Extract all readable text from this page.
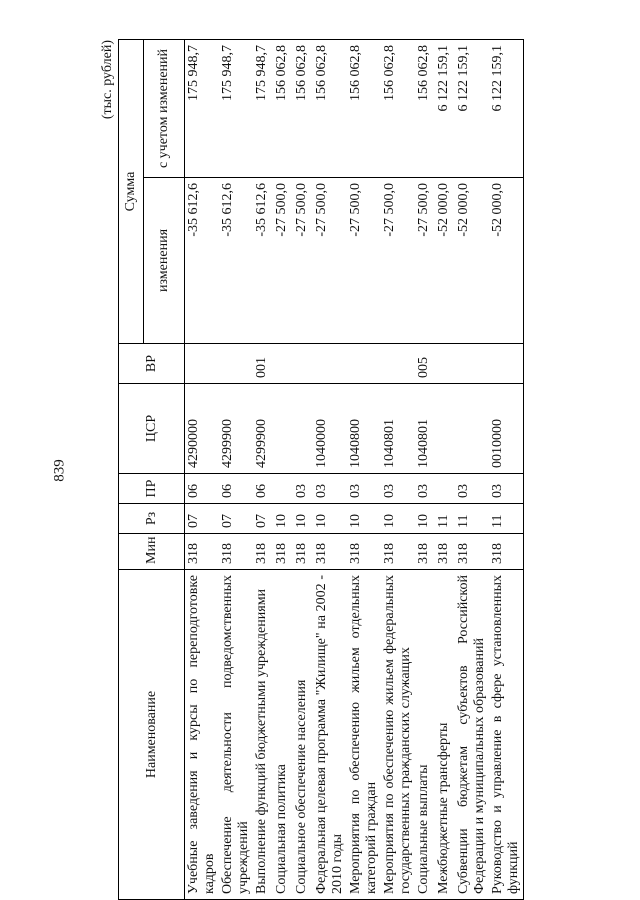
839
(тыс. рублей)
Наименование	Мин	Рз	ПР	ЦСР	ВР	Сумма	
						изменения	с учетом изменений
Учебные заведения и курсы по переподготовке кадров	318	07	06	4290000		-35 612,6	175 948,7
Обеспечение деятельности подведомственных учреждений	318	07	06	4299900		-35 612,6	175 948,7
Выполнение функций бюджетными учреждениями	318	07	06	4299900	001	-35 612,6	175 948,7
Социальная политика	318	10				-27 500,0	156 062,8
Социальное обеспечение населения	318	10	03			-27 500,0	156 062,8
Федеральная целевая программа "Жилище" на 2002 - 2010 годы	318	10	03	1040000		-27 500,0	156 062,8
Мероприятия по обеспечению жильем отдельных категорий граждан	318	10	03	1040800		-27 500,0	156 062,8
Мероприятия по обеспечению жильем федеральных государственных гражданских служащих	318	10	03	1040801		-27 500,0	156 062,8
Социальные выплаты	318	10	03	1040801	005	-27 500,0	156 062,8
Межбюджетные трансферты	318	11				-52 000,0	6 122 159,1
Субвенции бюджетам субъектов Российской Федерации и муниципальных образований	318	11	03			-52 000,0	6 122 159,1
Руководство и управление в сфере установленных функций	318	11	03	0010000		-52 000,0	6 122 159,1
